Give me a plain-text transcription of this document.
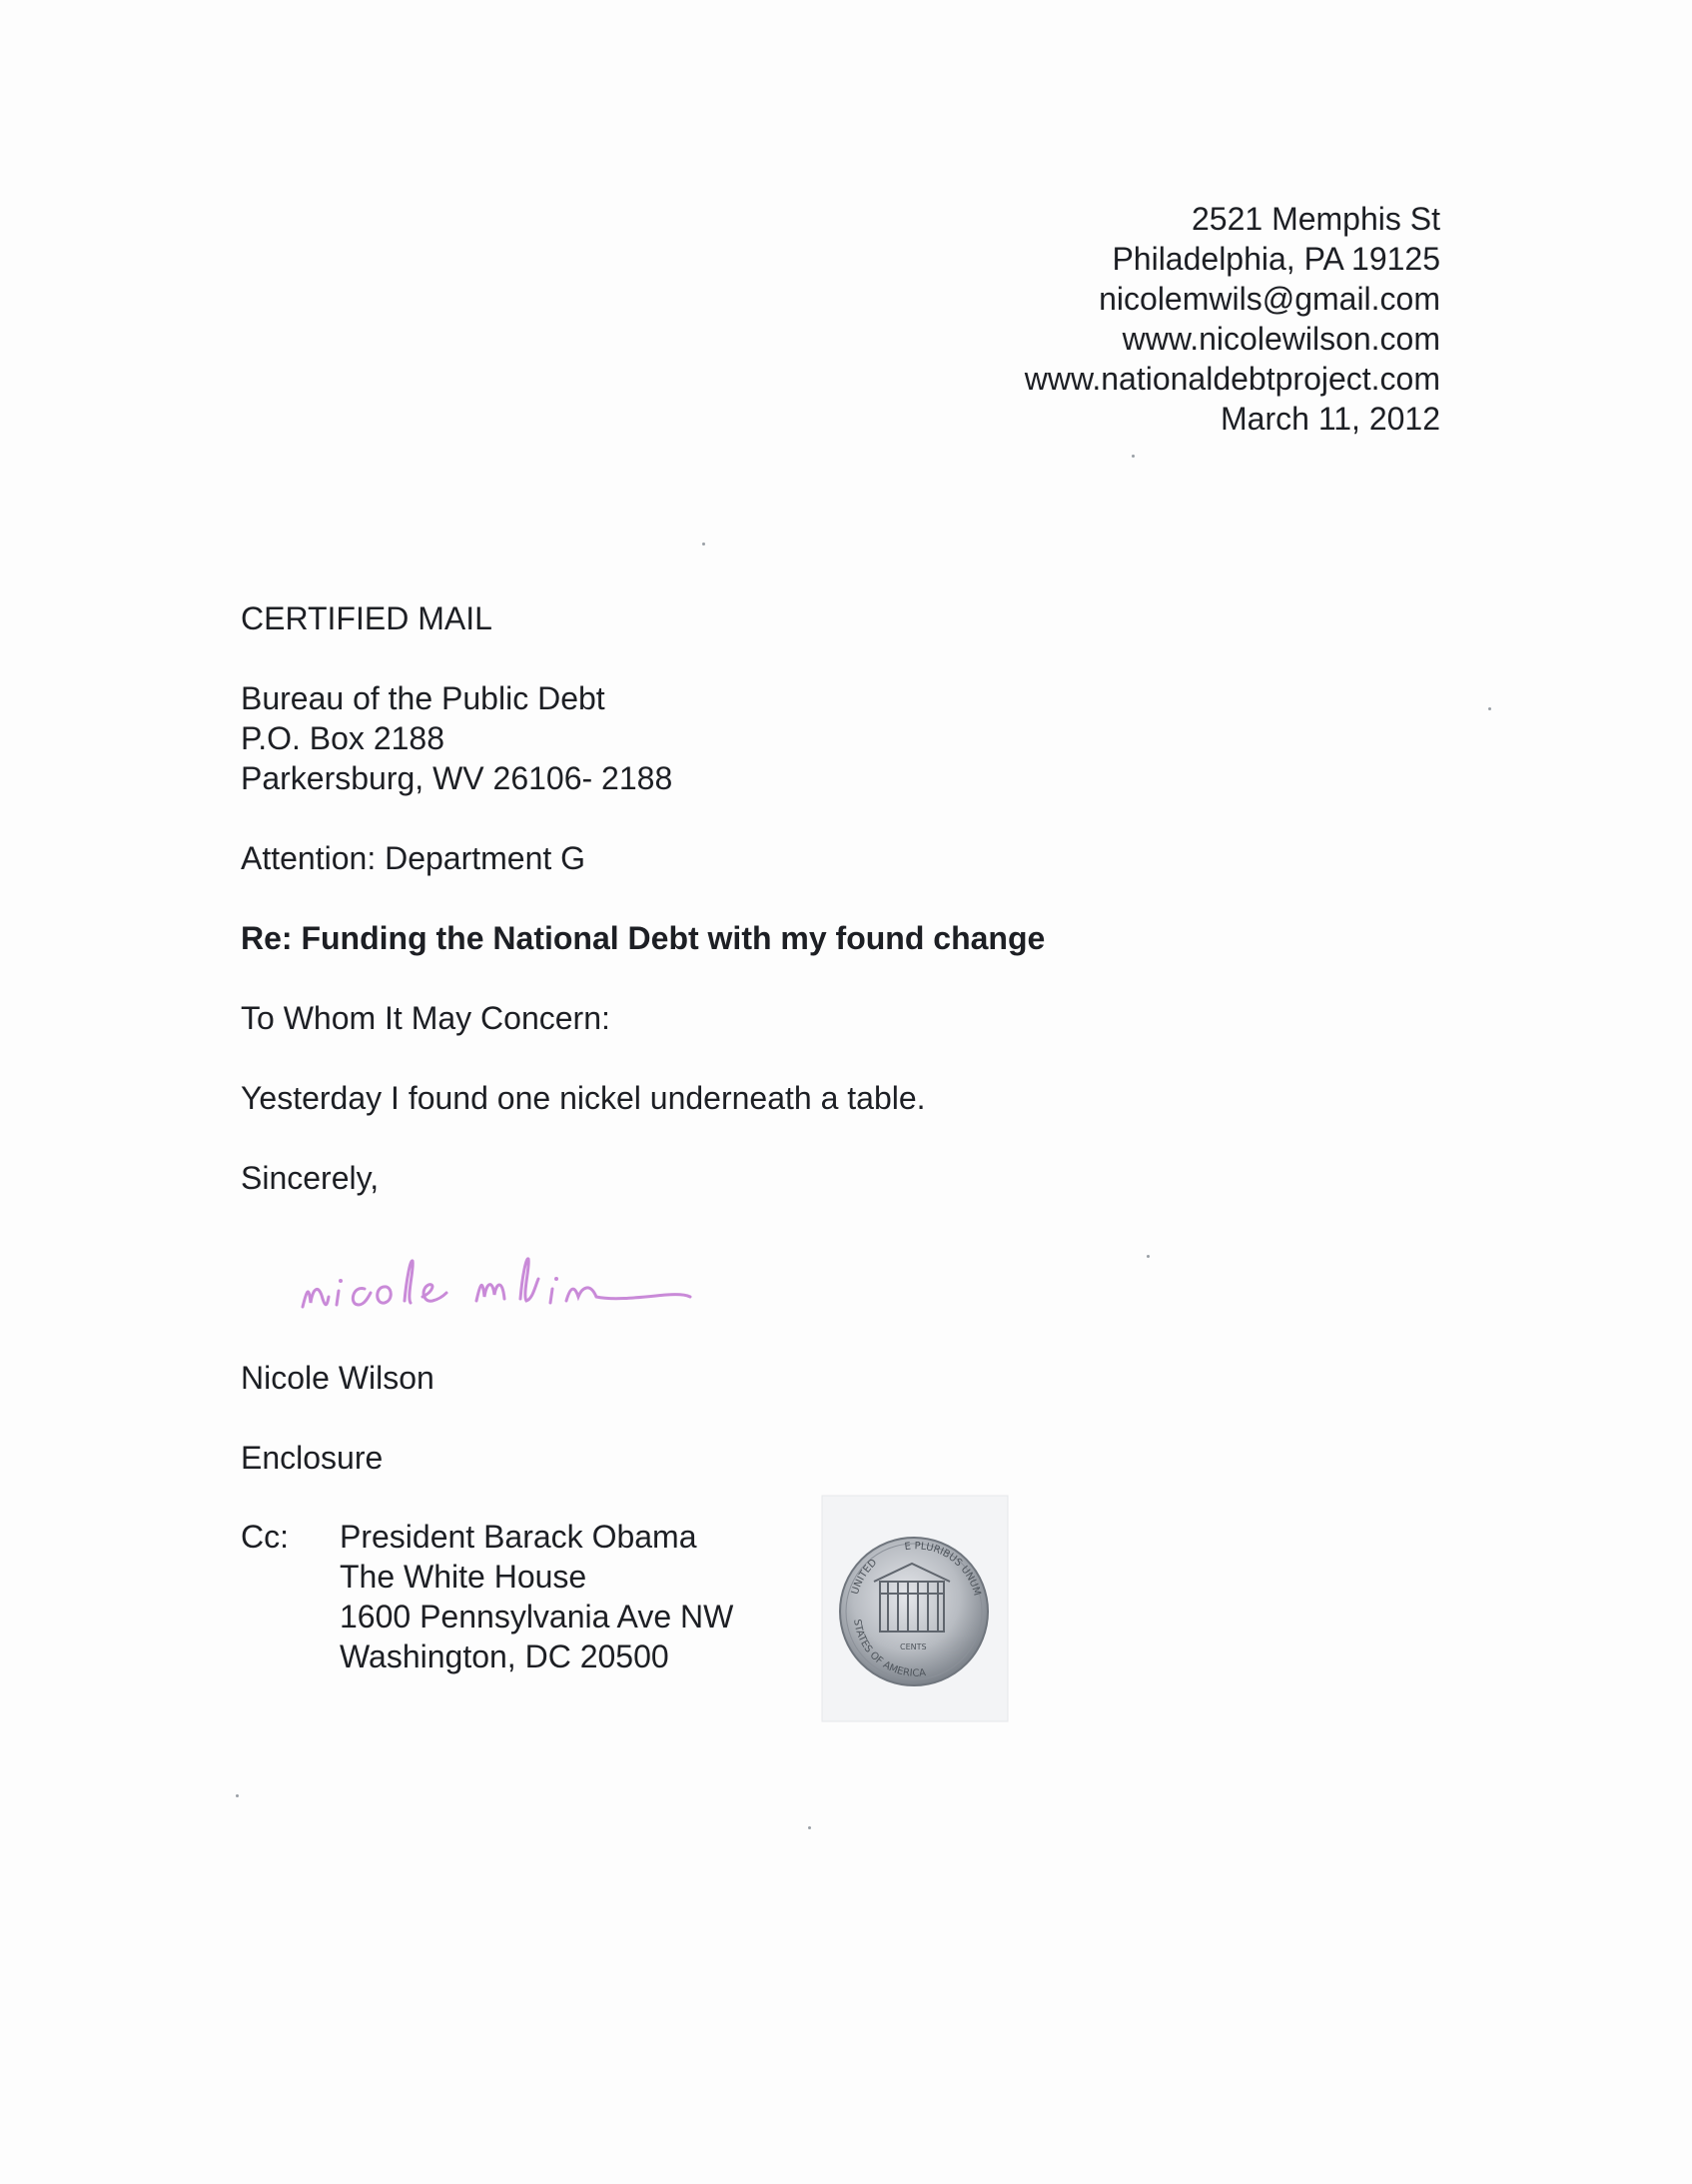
2521 Memphis St
Philadelphia, PA 19125
nicolemwils@gmail.com
www.nicolewilson.com
www.nationaldebtproject.com
March 11, 2012
CERTIFIED MAIL
Bureau of the Public Debt
P.O. Box 2188
Parkersburg, WV 26106- 2188
Attention: Department G
Re: Funding the National Debt with my found change
To Whom It May Concern:
Yesterday I found one nickel underneath a table.
Sincerely,
Nicole Wilson
Enclosure
Cc: President Barack Obama
The White House
1600 Pennsylvania Ave NW
Washington, DC 20500
E PLURIBUS UNUM
UNITED
STATES OF AMERICA
CENTS
